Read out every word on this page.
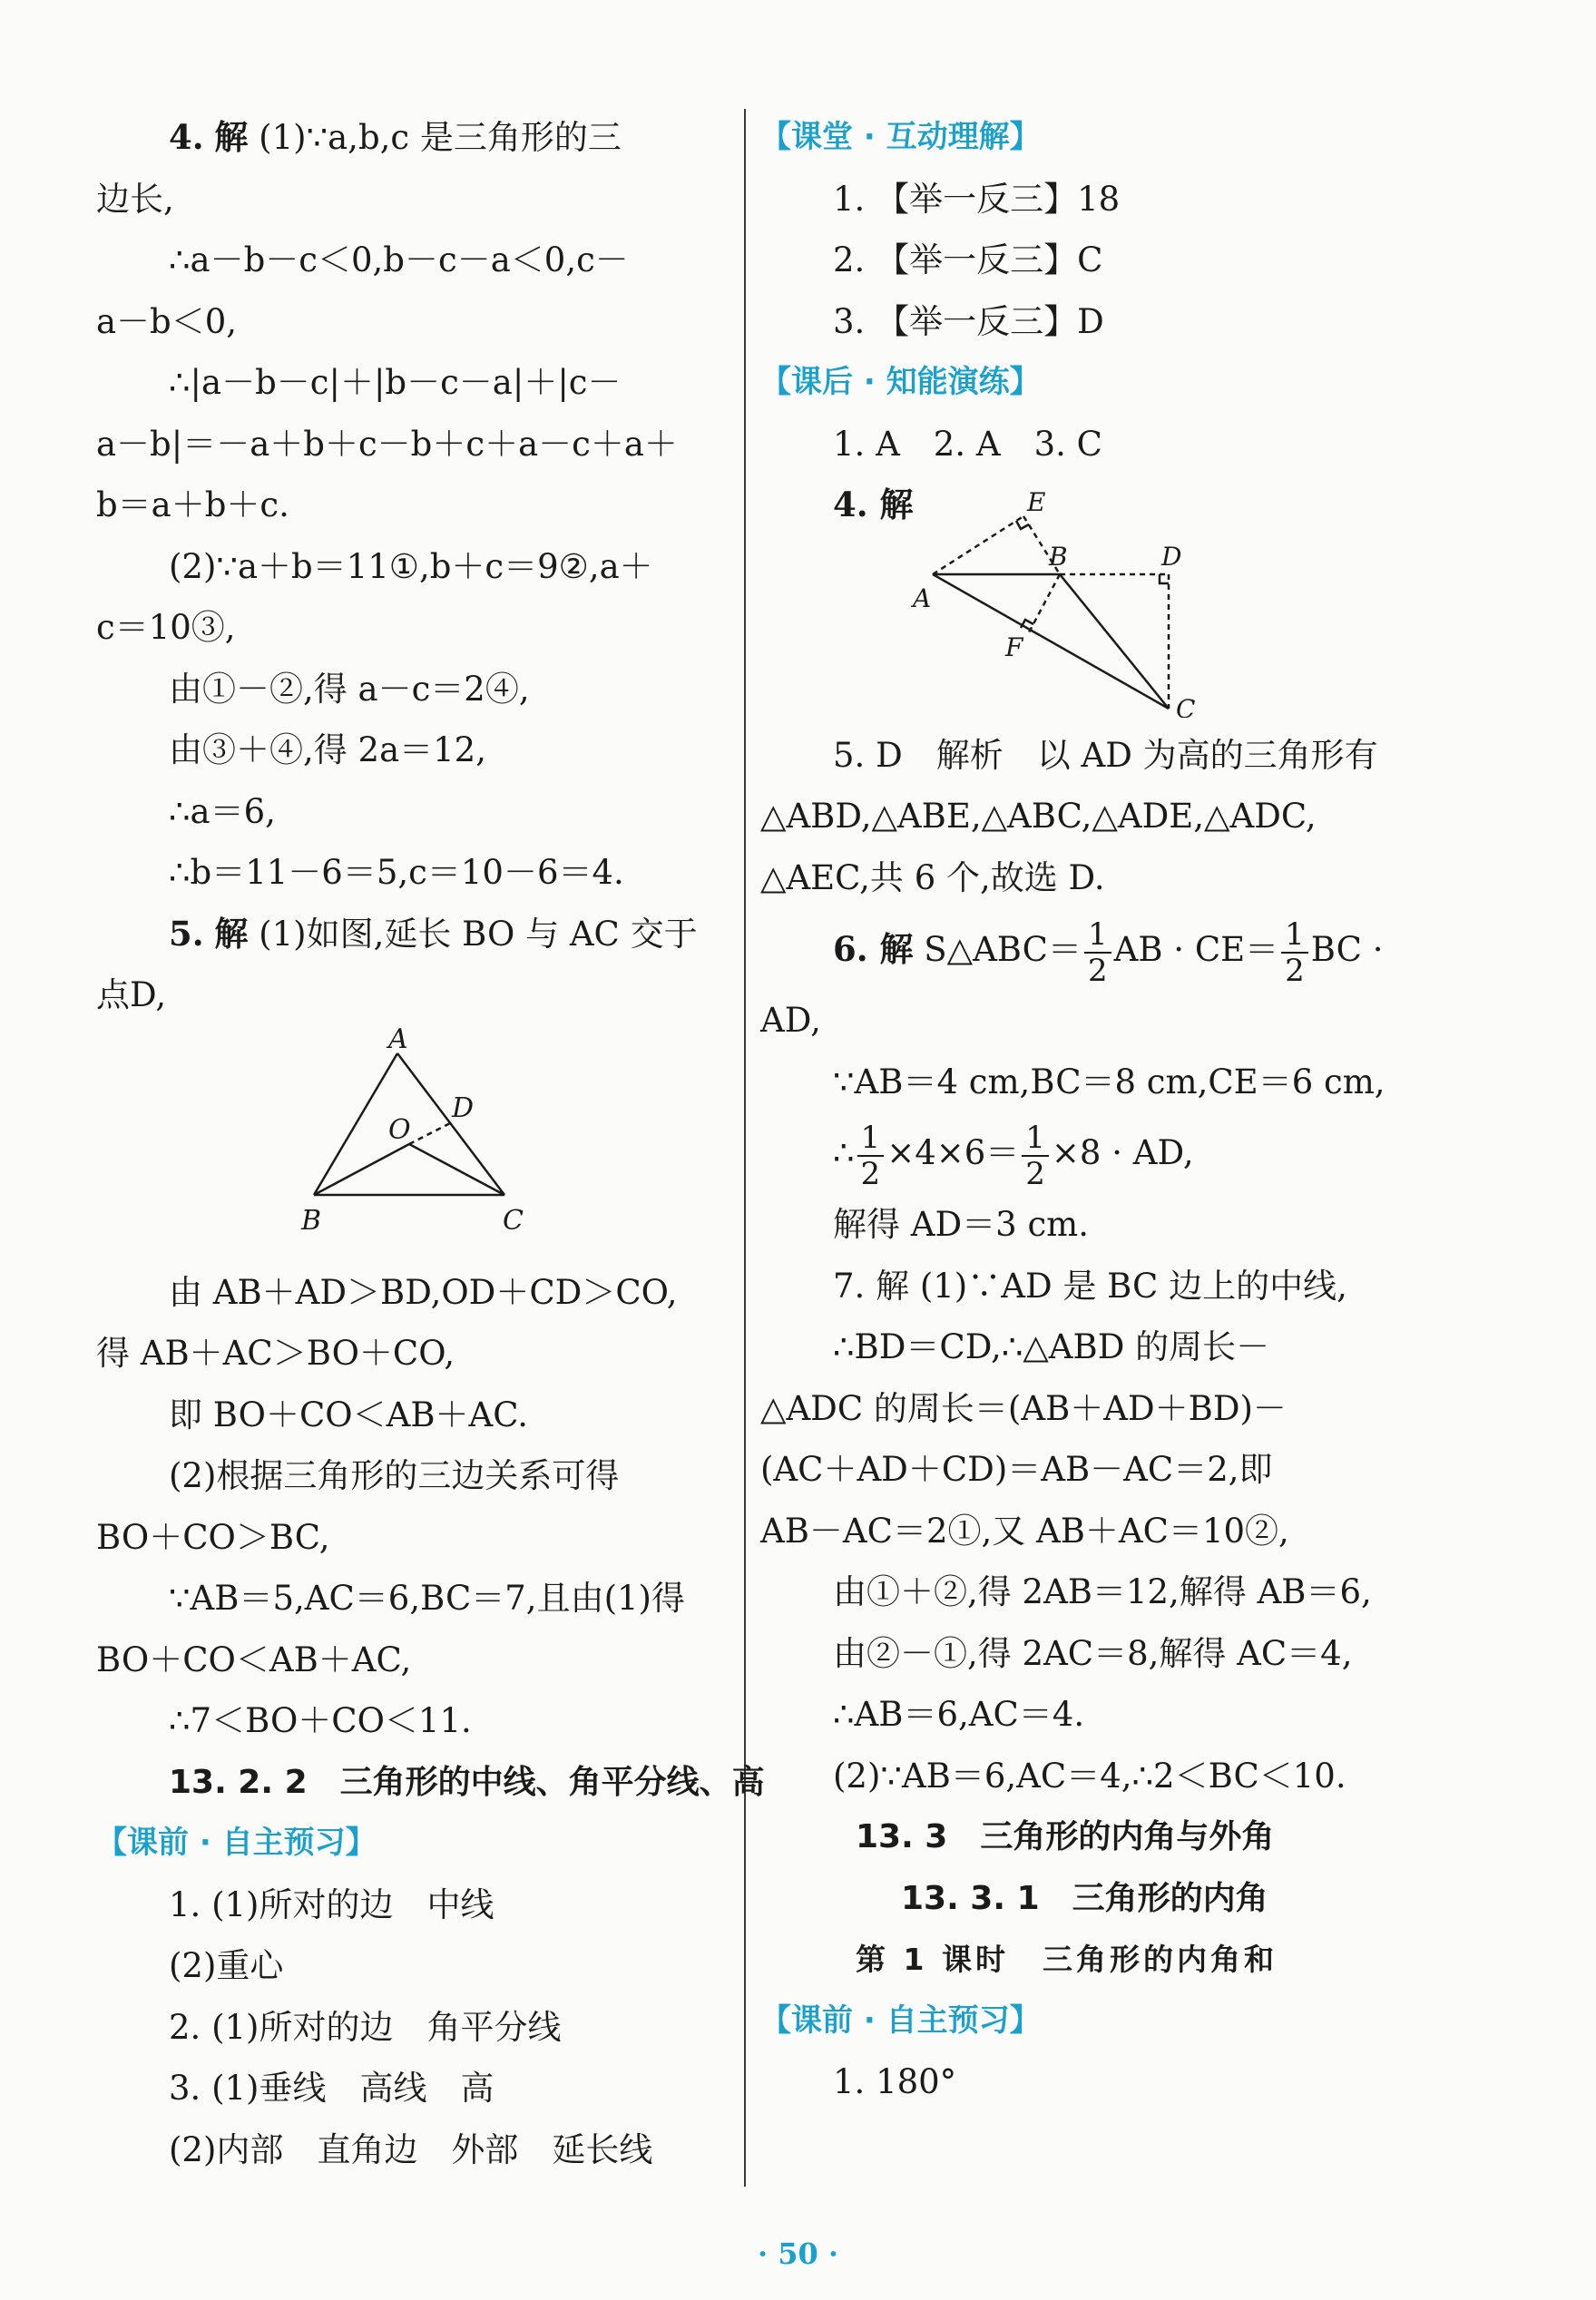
4. 解 (1)∵a,b,c 是三角形的三
边长,
∴a－b－c＜0,b－c－a＜0,c－
a－b＜0,
∴|a－b－c|＋|b－c－a|＋|c－
a－b|＝－a＋b＋c－b＋c＋a－c＋a＋
b＝a＋b＋c.
(2)∵a＋b＝11①,b＋c＝9②,a＋
c＝10③,
由①－②,得 a－c＝2④,
由③＋④,得 2a＝12,
∴a＝6,
∴b＝11－6＝5,c＝10－6＝4.
5. 解 (1)如图,延长 BO 与 AC 交于
点D,
A
B	C
D
O
由 AB＋AD＞BD,OD＋CD＞CO,
得 AB＋AC＞BO＋CO,
即 BO＋CO＜AB＋AC.
(2)根据三角形的三边关系可得
BO＋CO＞BC,
∵AB＝5,AC＝6,BC＝7,且由(1)得
BO＋CO＜AB＋AC,
∴7＜BO＋CO＜11.
13. 2. 2　三角形的中线、角平分线、高
【课前 · 自主预习】
1. (1)所对的边　中线
(2)重心
2. (1)所对的边　角平分线
3. (1)垂线　高线　高
(2)内部　直角边　外部　延长线
【课堂 · 互动理解】
1. 【举一反三】18
2. 【举一反三】C
3. 【举一反三】D
【课后 · 知能演练】
1. A　2. A　3. C
4. 解
A
B
C
D
E
F
5. D　解析　以 AD 为高的三角形有
△ABD,△ABE,△ABC,△ADE,△ADC,
△AEC,共 6 个,故选 D.
6. 解 S△ABC＝ $\frac{1}{2}$ AB · $CE= \frac{1}{2}$ BC ·
AD,
∵AB＝4 cm,BC＝8 cm,CE＝6 cm,
∴ $\frac{1}{2} \times 4\times 6= \frac{1}{2} \times 8$ · AD,
解得 AD＝3 cm.
7. 解 (1)∵AD 是 BC 边上的中线,
∴BD＝CD,∴△ABD 的周长－
△ADC 的周长＝(AB＋AD＋BD)－
(AC＋AD＋CD)＝AB－AC＝2,即
AB－AC＝2①,又 AB＋AC＝10②,
由①＋②,得 2AB＝12,解得 AB＝6,
由②－①,得 2AC＝8,解得 AC＝4,
∴AB＝6,AC＝4.
(2)∵AB＝6,AC＝4,∴2＜BC＜10.
13. 3　三角形的内角与外角
13. 3. 1　三角形的内角
第 1 课时　三角形的内角和
【课前 · 自主预习】
1. 180°
· 50 ·
